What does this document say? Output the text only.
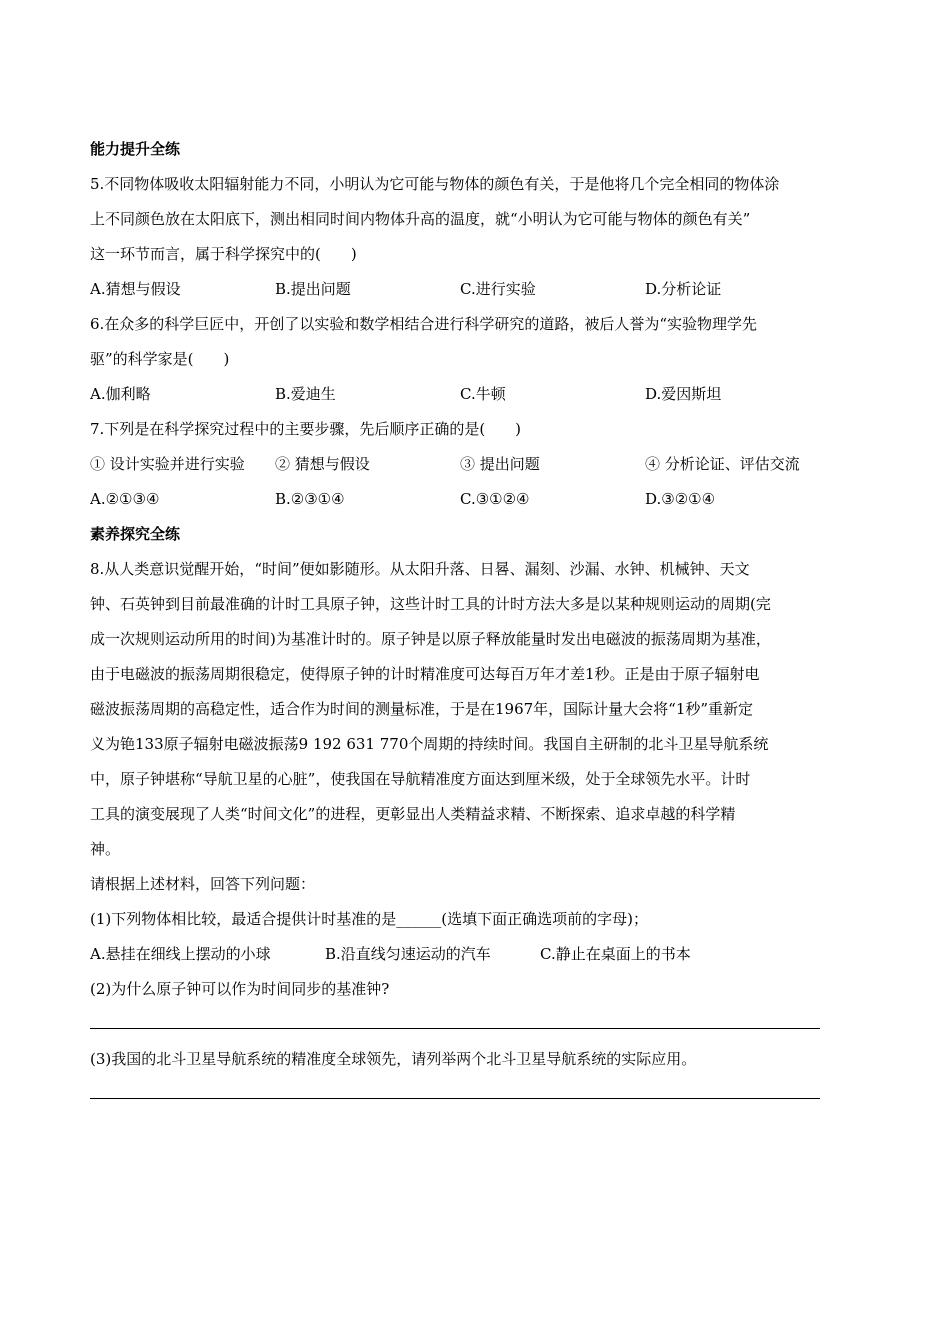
能力提升全练
5.不同物体吸收太阳辐射能力不同，小明认为它可能与物体的颜色有关，于是他将几个完全相同的物体涂
上不同颜色放在太阳底下，测出相同时间内物体升高的温度，就“小明认为它可能与物体的颜色有关”
这一环节而言，属于科学探究中的(　　)
A.猜想与假设	B.提出问题	C.进行实验	D.分析论证
6.在众多的科学巨匠中，开创了以实验和数学相结合进行科学研究的道路，被后人誉为“实验物理学先
驱”的科学家是(　　)
A.伽利略	B.爱迪生	C.牛顿	D.爱因斯坦
7.下列是在科学探究过程中的主要步骤，先后顺序正确的是(　　)
① 设计实验并进行实验	② 猜想与假设	③ 提出问题	④ 分析论证、评估交流
A.②①③④	B.②③①④	C.③①②④	D.③②①④
素养探究全练
8.从人类意识觉醒开始，“时间”便如影随形。从太阳升落、日晷、漏刻、沙漏、水钟、机械钟、天文
钟、石英钟到目前最准确的计时工具原子钟，这些计时工具的计时方法大多是以某种规则运动的周期(完
成一次规则运动所用的时间)为基准计时的。原子钟是以原子释放能量时发出电磁波的振荡周期为基准，
由于电磁波的振荡周期很稳定，使得原子钟的计时精准度可达每百万年才差1秒。正是由于原子辐射电
磁波振荡周期的高稳定性，适合作为时间的测量标准，于是在1967年，国际计量大会将“1秒”重新定
义为铯133原子辐射电磁波振荡9 192 631 770个周期的持续时间。我国自主研制的北斗卫星导航系统
中，原子钟堪称“导航卫星的心脏”，使我国在导航精准度方面达到厘米级，处于全球领先水平。计时
工具的演变展现了人类“时间文化”的进程，更彰显出人类精益求精、不断探索、追求卓越的科学精
神。
请根据上述材料，回答下列问题：
(1)下列物体相比较，最适合提供计时基准的是______(选填下面正确选项前的字母)；
A.悬挂在细线上摆动的小球	B.沿直线匀速运动的汽车	C.静止在桌面上的书本
(2)为什么原子钟可以作为时间同步的基准钟?
(3)我国的北斗卫星导航系统的精准度全球领先，请列举两个北斗卫星导航系统的实际应用。
